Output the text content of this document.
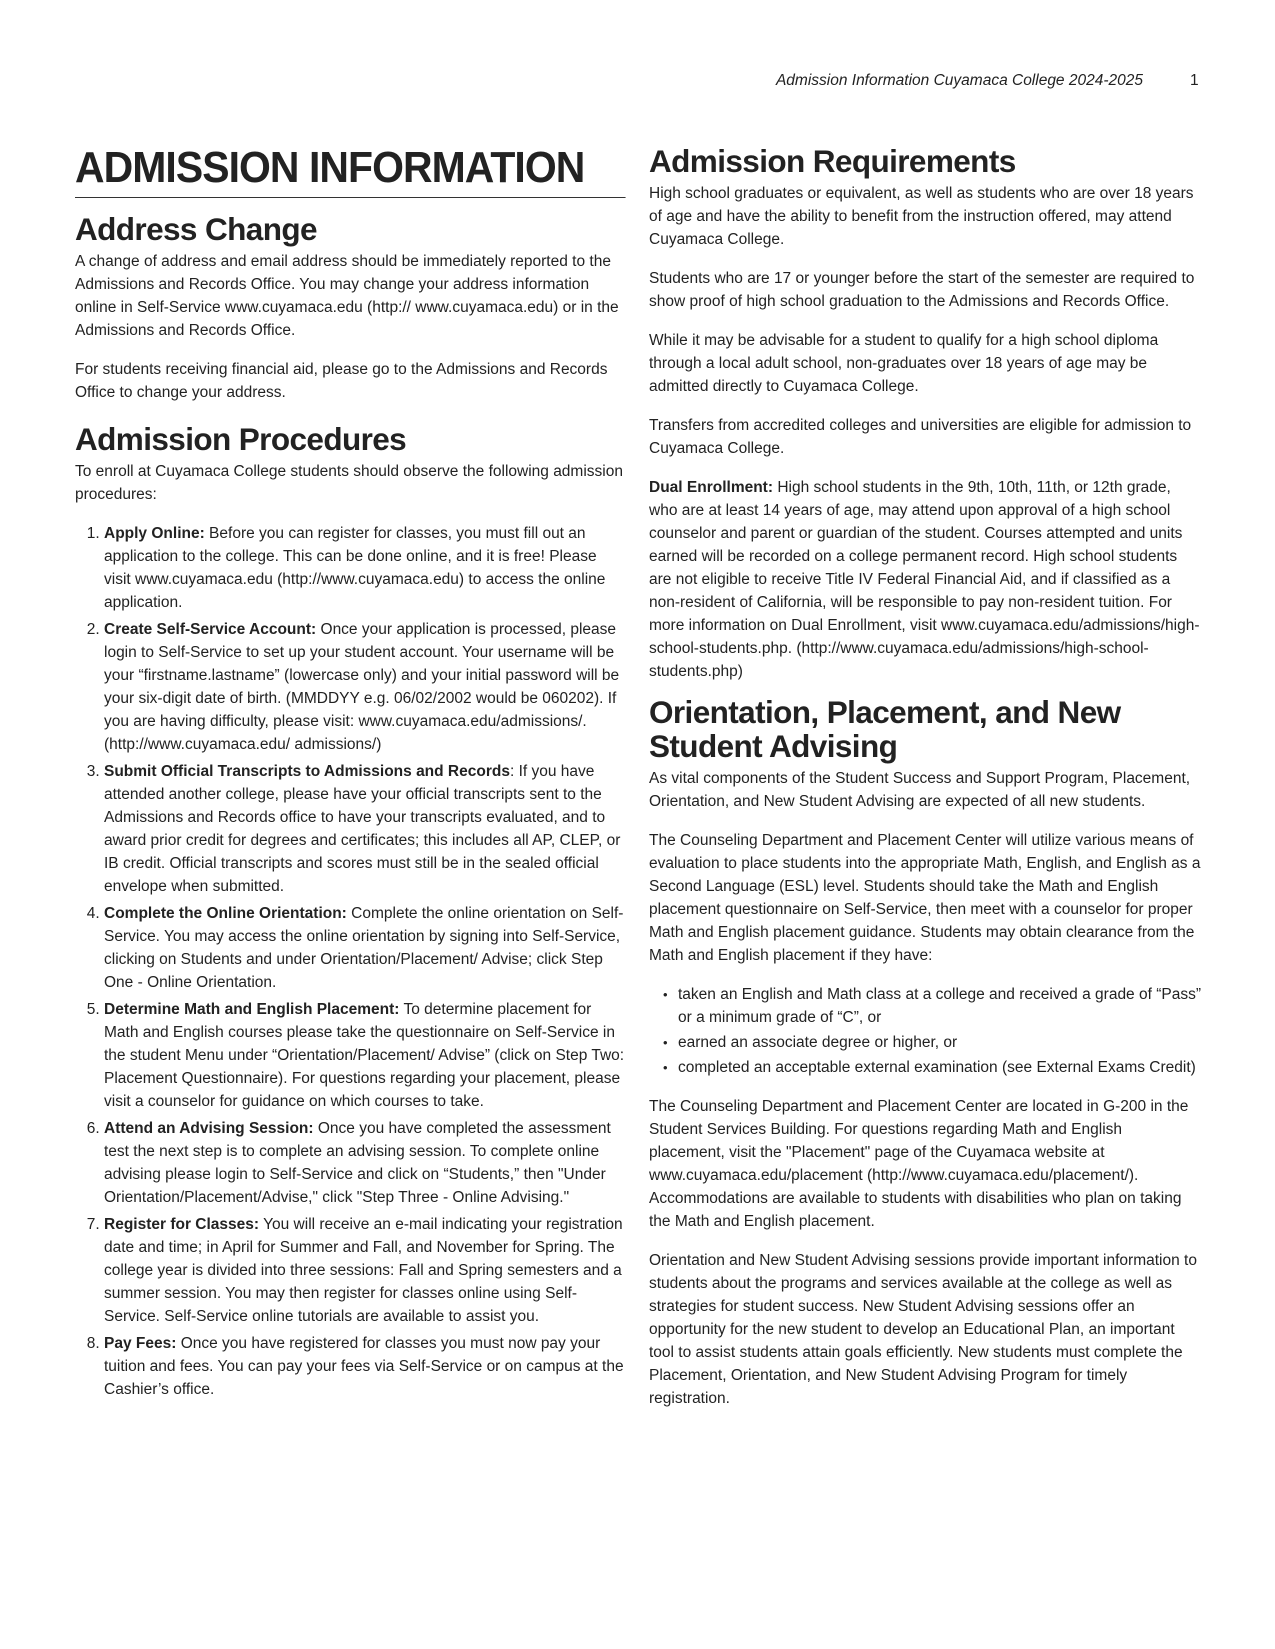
Admission Information Cuyamaca College 2024-2025	1
ADMISSION INFORMATION
Address Change

A change of address and email address should be immediately reported to the Admissions and Records Office. You may change your address information online in Self-Service www.cuyamaca.edu (http:// www.cuyamaca.edu) or in the Admissions and Records Office.

For students receiving financial aid, please go to the Admissions and Records Office to change your address.

Admission Procedures

To enroll at Cuyamaca College students should observe the following admission procedures:

1. Apply Online: Before you can register for classes, you must fill out an application to the college. This can be done online, and it is free! Please visit www.cuyamaca.edu (http://www.cuyamaca.edu) to access the online application.
2. Create Self-Service Account: Once your application is processed, please login to Self-Service to set up your student account. Your username will be your “firstname.lastname” (lowercase only) and your initial password will be your six-digit date of birth. (MMDDYY e.g. 06/02/2002 would be 060202). If you are having difficulty, please visit: www.cuyamaca.edu/admissions/. (http://www.cuyamaca.edu/ admissions/)
3. Submit Official Transcripts to Admissions and Records: If you have attended another college, please have your official transcripts sent to the Admissions and Records office to have your transcripts evaluated, and to award prior credit for degrees and certificates; this includes all AP, CLEP, or IB credit. Official transcripts and scores must still be in the sealed official envelope when submitted.
4. Complete the Online Orientation: Complete the online orientation on Self-Service. You may access the online orientation by signing into Self-Service, clicking on Students and under Orientation/Placement/ Advise; click Step One - Online Orientation.
5. Determine Math and English Placement: To determine placement for Math and English courses please take the questionnaire on Self-Service in the student Menu under “Orientation/Placement/ Advise” (click on Step Two: Placement Questionnaire). For questions regarding your placement, please visit a counselor for guidance on which courses to take.
6. Attend an Advising Session: Once you have completed the assessment test the next step is to complete an advising session. To complete online advising please login to Self-Service and click on “Students,” then "Under Orientation/Placement/Advise," click "Step Three - Online Advising."
7. Register for Classes: You will receive an e-mail indicating your registration date and time; in April for Summer and Fall, and November for Spring. The college year is divided into three sessions: Fall and Spring semesters and a summer session. You may then register for classes online using Self-Service. Self-Service online tutorials are available to assist you.
8. Pay Fees: Once you have registered for classes you must now pay your tuition and fees. You can pay your fees via Self-Service or on campus at the Cashier’s office.
Admission Requirements

High school graduates or equivalent, as well as students who are over 18 years of age and have the ability to benefit from the instruction offered, may attend Cuyamaca College.

Students who are 17 or younger before the start of the semester are required to show proof of high school graduation to the Admissions and Records Office.

While it may be advisable for a student to qualify for a high school diploma through a local adult school, non-graduates over 18 years of age may be admitted directly to Cuyamaca College.

Transfers from accredited colleges and universities are eligible for admission to Cuyamaca College.

Dual Enrollment: High school students in the 9th, 10th, 11th, or 12th grade, who are at least 14 years of age, may attend upon approval of a high school counselor and parent or guardian of the student. Courses attempted and units earned will be recorded on a college permanent record. High school students are not eligible to receive Title IV Federal Financial Aid, and if classified as a non-resident of California, will be responsible to pay non-resident tuition. For more information on Dual Enrollment, visit www.cuyamaca.edu/admissions/high-school-students.php. (http://www.cuyamaca.edu/admissions/high-school-students.php)

Orientation, Placement, and New Student Advising

As vital components of the Student Success and Support Program, Placement, Orientation, and New Student Advising are expected of all new students.

The Counseling Department and Placement Center will utilize various means of evaluation to place students into the appropriate Math, English, and English as a Second Language (ESL) level. Students should take the Math and English placement questionnaire on Self-Service, then meet with a counselor for proper Math and English placement guidance. Students may obtain clearance from the Math and English placement if they have:

• taken an English and Math class at a college and received a grade of “Pass” or a minimum grade of “C”, or
• earned an associate degree or higher, or
• completed an acceptable external examination (see External Exams Credit)

The Counseling Department and Placement Center are located in G-200 in the Student Services Building. For questions regarding Math and English placement, visit the "Placement" page of the Cuyamaca website at www.cuyamaca.edu/placement (http://www.cuyamaca.edu/placement/). Accommodations are available to students with disabilities who plan on taking the Math and English placement.

Orientation and New Student Advising sessions provide important information to students about the programs and services available at the college as well as strategies for student success. New Student Advising sessions offer an opportunity for the new student to develop an Educational Plan, an important tool to assist students attain goals efficiently. New students must complete the Placement, Orientation, and New Student Advising Program for timely registration.
